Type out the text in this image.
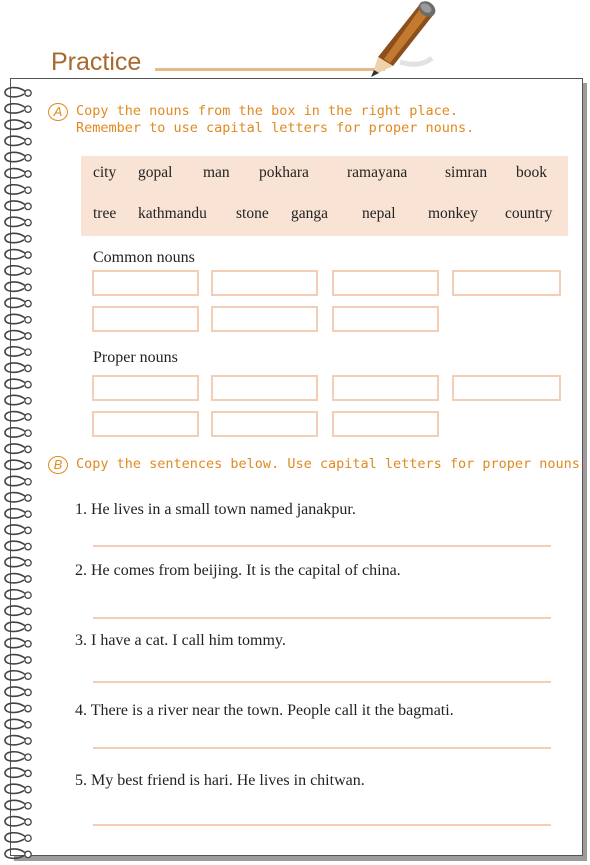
Practice
A	Copy the nouns from the box in the right place.
Remember to use capital letters for proper nouns.
city gopal man pokhara ramayana simran book
tree kathmandu stone ganga nepal monkey country
Common nouns
Proper nouns
B	Copy the sentences below. Use capital letters for proper nouns.
1. He lives in a small town named janakpur.
2. He comes from beijing. It is the capital of china.
3. I have a cat. I call him tommy.
4. There is a river near the town. People call it the bagmati.
5. My best friend is hari. He lives in chitwan.
